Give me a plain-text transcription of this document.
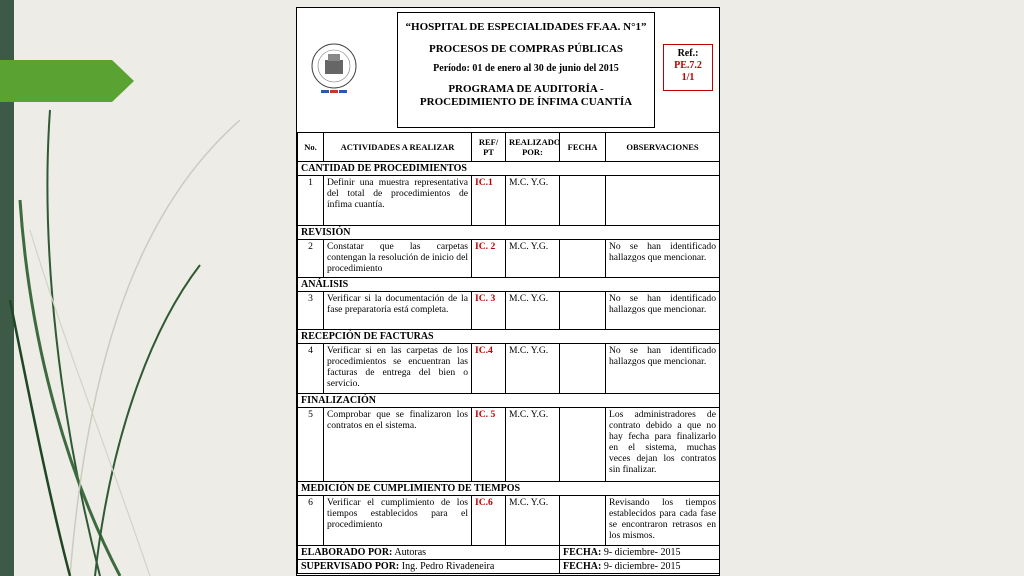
“HOSPITAL DE ESPECIALIDADES FF.AA. N°1”
PROCESOS DE COMPRAS PÚBLICAS
Período: 01 de enero al 30 de junio del 2015
PROGRAMA DE AUDITORÍA -
PROCEDIMIENTO DE ÍNFIMA CUANTÍA
Ref.:
PE.7.2
1/1
No.	ACTIVIDADES A REALIZAR	REF/ PT	REALIZADO POR:	FECHA	OBSERVACIONES
CANTIDAD DE PROCEDIMIENTOS					
1	Definir una muestra representativa del total de procedimientos de ínfima cuantía.	IC.1	M.C. Y.G.		
REVISIÓN					
2	Constatar que las carpetas contengan la resolución de inicio del procedimiento	IC. 2	M.C. Y.G.		No se han identificado hallazgos que mencionar.
ANÁLISIS					
3	Verificar si la documentación de la fase preparatoria está completa.	IC. 3	M.C. Y.G.		No se han identificado hallazgos que mencionar.
RECEPCIÓN DE FACTURAS					
4	Verificar si en las carpetas de los procedimientos se encuentran las facturas de entrega del bien o servicio.	IC.4	M.C. Y.G.		No se han identificado hallazgos que mencionar.
FINALIZACIÓN					
5	Comprobar que se finalizaron los contratos en el sistema.	IC. 5	M.C. Y.G.		Los administradores de contrato debido a que no hay fecha para finalizarlo en el sistema, muchas veces dejan los contratos sin finalizar.
MEDICIÓN DE CUMPLIMIENTO DE TIEMPOS					
6	Verificar el cumplimiento de los tiempos establecidos para el procedimiento	IC.6	M.C. Y.G.		Revisando los tiempos establecidos para cada fase se encontraron retrasos en los mismos.
ELABORADO POR: Autoras				FECHA: 9- diciembre- 2015	
SUPERVISADO POR: Ing. Pedro Rivadeneira				FECHA: 9- diciembre- 2015	
